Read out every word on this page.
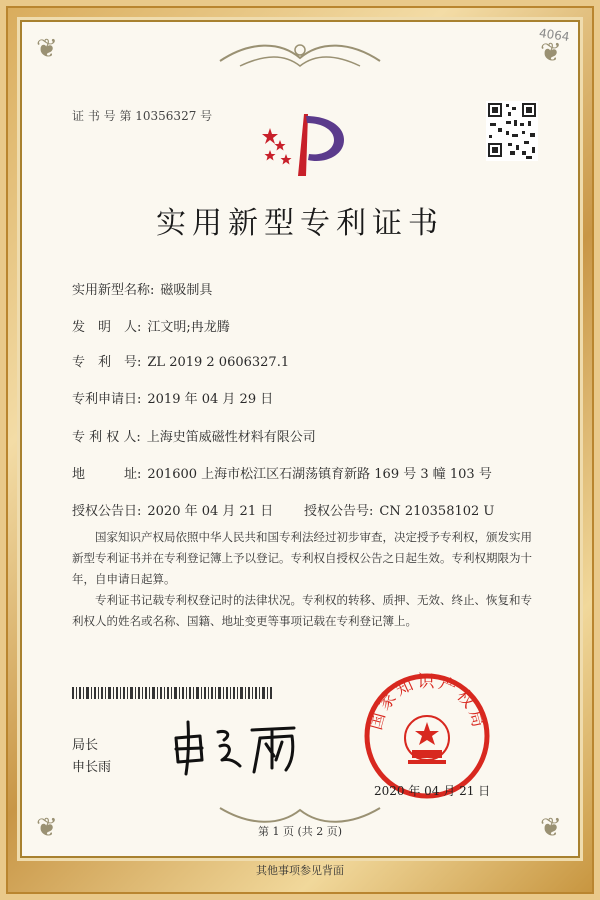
❦	❦
❦	❦
4064
证 书 号 第 10356327 号
实用新型专利证书
实用新型名称: 磁吸制具
发　明　人: 江文明;冉龙腾
专　利　号: ZL 2019 2 0606327.1
专利申请日: 2019 年 04 月 29 日
专 利 权 人: 上海史笛威磁性材料有限公司
地　　　址: 201600 上海市松江区石湖荡镇育新路 169 号 3 幢 103 号
授权公告日: 2020 年 04 月 21 日 授权公告号: CN 210358102 U
国家知识产权局依照中华人民共和国专利法经过初步审查，决定授予专利权，颁发实用新型专利证书并在专利登记簿上予以登记。专利权自授权公告之日起生效。专利权期限为十年，自申请日起算。
专利证书记载专利权登记时的法律状况。专利权的转移、质押、无效、终止、恢复和专利权人的姓名或名称、国籍、地址变更等事项记载在专利登记簿上。
局长
申长雨
国家知识产权局
2020 年 04 月 21 日
第 1 页 (共 2 页)
其他事项参见背面
